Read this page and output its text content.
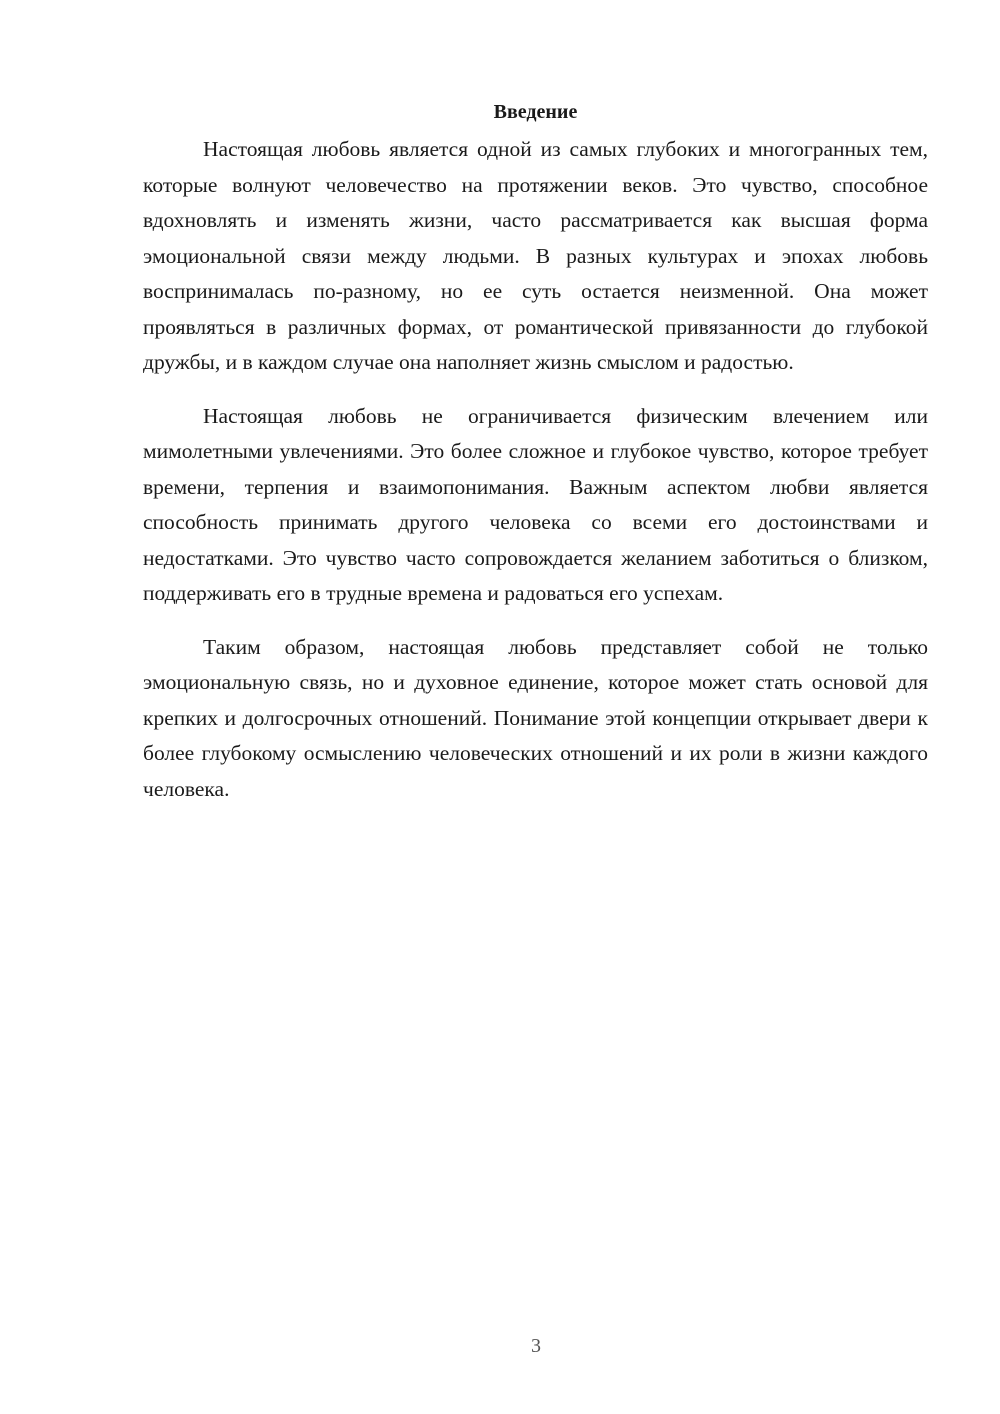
Введение

Настоящая любовь является одной из самых глубоких и многогранных тем, которые волнуют человечество на протяжении веков. Это чувство, способное вдохновлять и изменять жизни, часто рассматривается как высшая форма эмоциональной связи между людьми. В разных культурах и эпохах любовь воспринималась по-разному, но ее суть остается неизменной. Она может проявляться в различных формах, от романтической привязанности до глубокой дружбы, и в каждом случае она наполняет жизнь смыслом и радостью.

Настоящая любовь не ограничивается физическим влечением или мимолетными увлечениями. Это более сложное и глубокое чувство, которое требует времени, терпения и взаимопонимания. Важным аспектом любви является способность принимать другого человека со всеми его достоинствами и недостатками. Это чувство часто сопровождается желанием заботиться о близком, поддерживать его в трудные времена и радоваться его успехам.

Таким образом, настоящая любовь представляет собой не только эмоциональную связь, но и духовное единение, которое может стать основой для крепких и долгосрочных отношений. Понимание этой концепции открывает двери к более глубокому осмыслению человеческих отношений и их роли в жизни каждого человека.

3
